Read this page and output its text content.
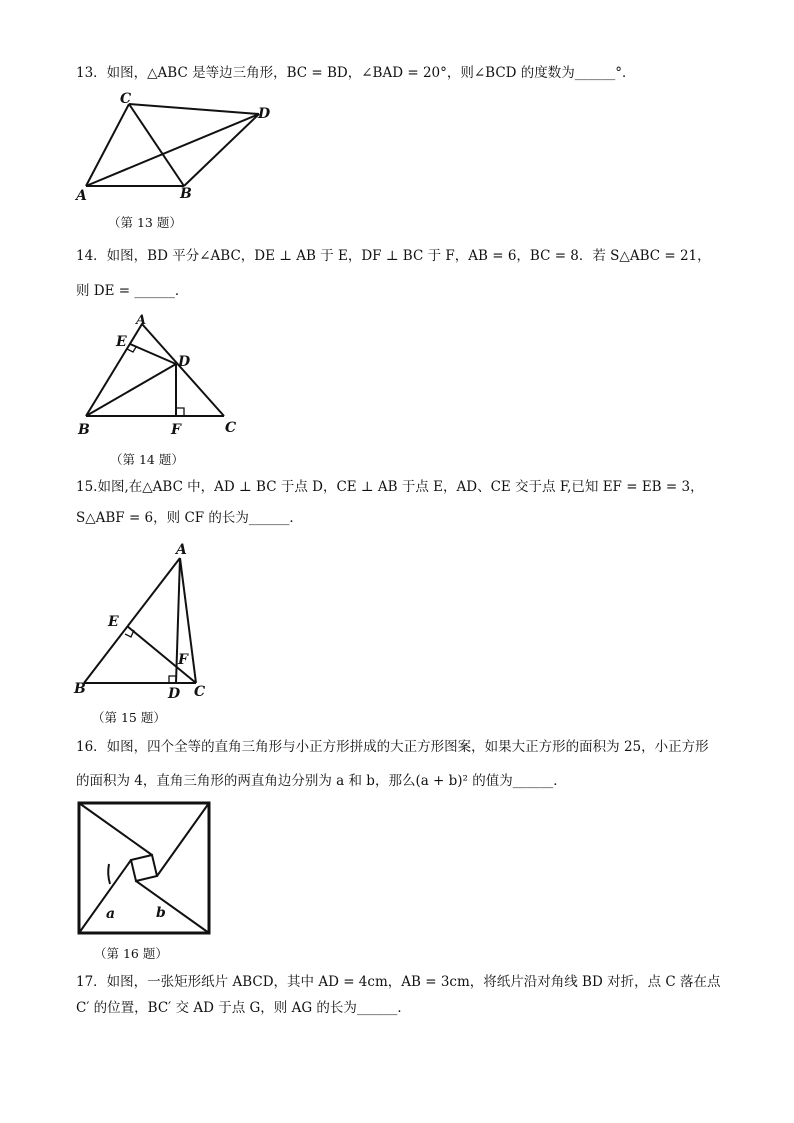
13．如图，△ABC 是等边三角形，BC = BD，∠BAD = 20°，则∠BCD 的度数为______°．
A	B
C
D
（第 13 题）
14．如图，BD 平分∠ABC，DE ⊥ AB 于 E，DF ⊥ BC 于 F，AB = 6，BC = 8．若 S△ABC = 21，
则 DE = ______．
A
B	C
D
E
F
（第 14 题）
15.如图,在△ABC 中，AD ⊥ BC 于点 D，CE ⊥ AB 于点 E，AD、CE 交于点 F,已知 EF = EB = 3，
S△ABF = 6，则 CF 的长为______．
A
B	C
D
E
F
（第 15 题）
16．如图，四个全等的直角三角形与小正方形拼成的大正方形图案，如果大正方形的面积为 25，小正方形
的面积为 4，直角三角形的两直角边分别为 a 和 b，那么(a + b)² 的值为______．
a	b
（第 16 题）
17．如图，一张矩形纸片 ABCD，其中 AD = 4cm，AB = 3cm，将纸片沿对角线 BD 对折，点 C 落在点
C′ 的位置，BC′ 交 AD 于点 G，则 AG 的长为______．
